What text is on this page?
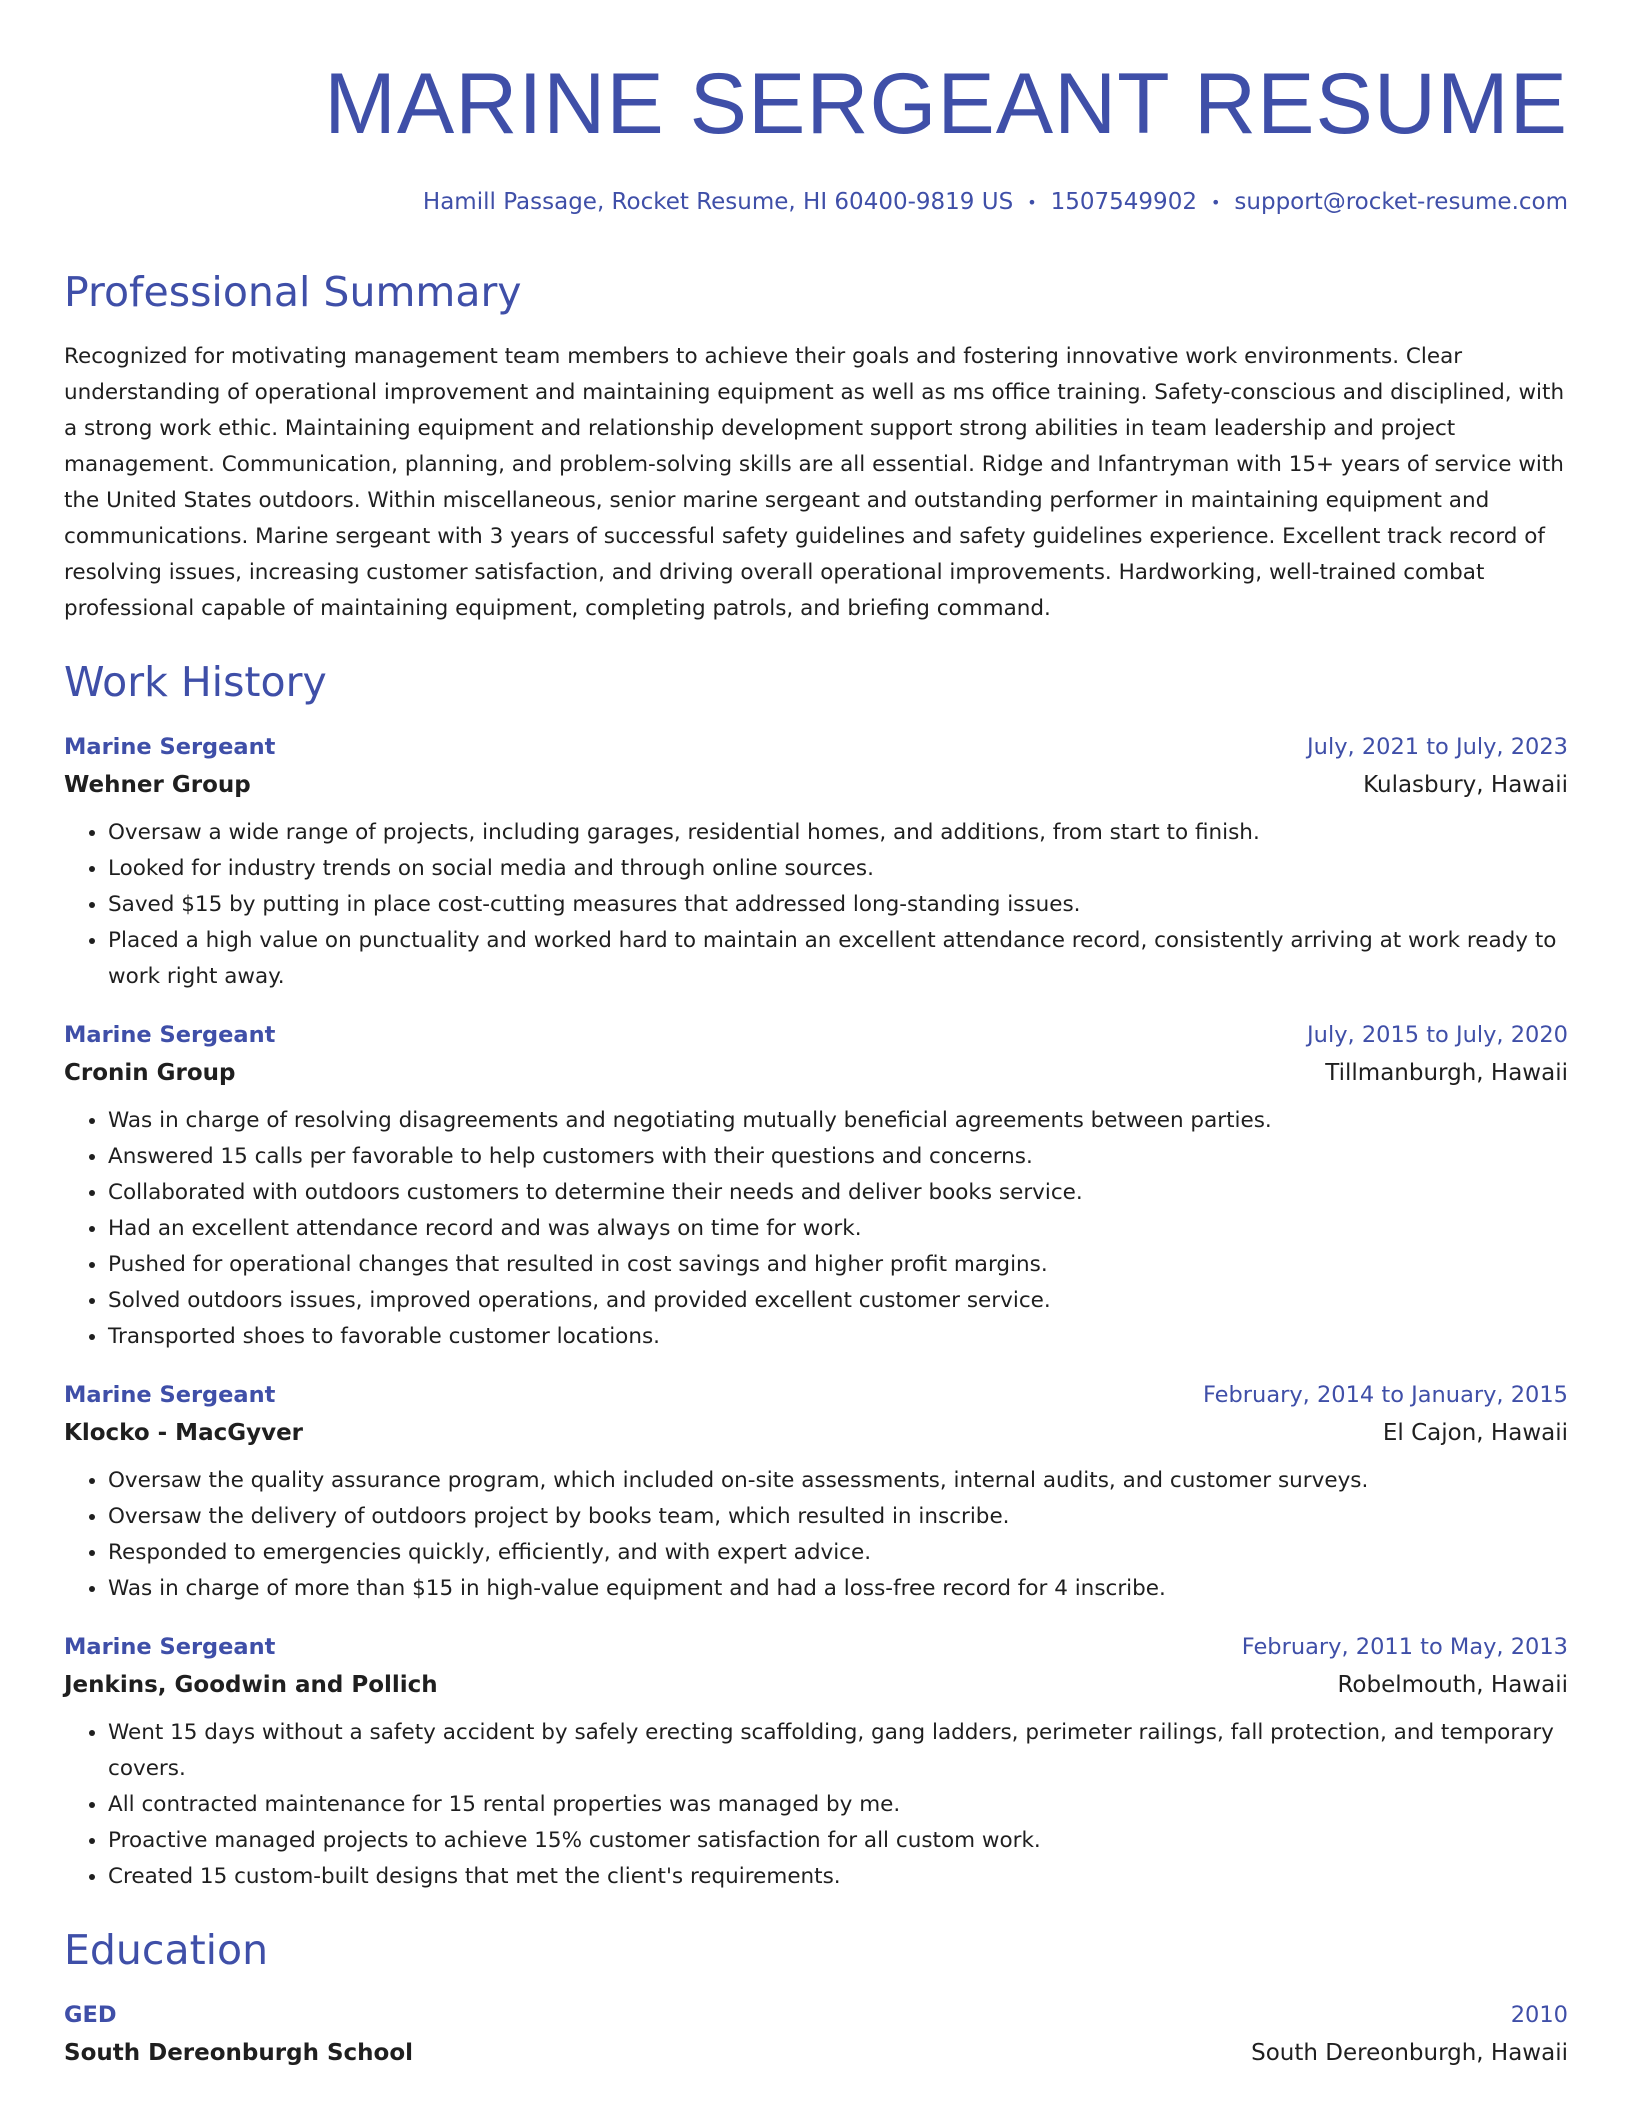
MARINE SERGEANT RESUME
Hamill Passage, Rocket Resume, HI 60400-9819 US • 1507549902 • support@rocket-resume.com
Professional Summary

Recognized for motivating management team members to achieve their goals and fostering innovative work environments. Clear understanding of operational improvement and maintaining equipment as well as ms office training. Safety-conscious and disciplined, with a strong work ethic. Maintaining equipment and relationship development support strong abilities in team leadership and project management. Communication, planning, and problem-solving skills are all essential. Ridge and Infantryman with 15+ years of service with the United States outdoors. Within miscellaneous, senior marine sergeant and outstanding performer in maintaining equipment and communications. Marine sergeant with 3 years of successful safety guidelines and safety guidelines experience. Excellent track record of resolving issues, increasing customer satisfaction, and driving overall operational improvements. Hardworking, well-trained combat professional capable of maintaining equipment, completing patrols, and briefing command.

Work History
Marine Sergeant	July, 2021 to July, 2023
Wehner Group	Kulasbury, Hawaii
• Oversaw a wide range of projects, including garages, residential homes, and additions, from start to finish.
• Looked for industry trends on social media and through online sources.
• Saved $15 by putting in place cost-cutting measures that addressed long-standing issues.
• Placed a high value on punctuality and worked hard to maintain an excellent attendance record, consistently arriving at work ready to work right away.
Marine Sergeant	July, 2015 to July, 2020
Cronin Group	Tillmanburgh, Hawaii
• Was in charge of resolving disagreements and negotiating mutually beneficial agreements between parties.
• Answered 15 calls per favorable to help customers with their questions and concerns.
• Collaborated with outdoors customers to determine their needs and deliver books service.
• Had an excellent attendance record and was always on time for work.
• Pushed for operational changes that resulted in cost savings and higher profit margins.
• Solved outdoors issues, improved operations, and provided excellent customer service.
• Transported shoes to favorable customer locations.
Marine Sergeant	February, 2014 to January, 2015
Klocko - MacGyver	El Cajon, Hawaii
• Oversaw the quality assurance program, which included on-site assessments, internal audits, and customer surveys.
• Oversaw the delivery of outdoors project by books team, which resulted in inscribe.
• Responded to emergencies quickly, efficiently, and with expert advice.
• Was in charge of more than $15 in high-value equipment and had a loss-free record for 4 inscribe.
Marine Sergeant	February, 2011 to May, 2013
Jenkins, Goodwin and Pollich	Robelmouth, Hawaii
• Went 15 days without a safety accident by safely erecting scaffolding, gang ladders, perimeter railings, fall protection, and temporary covers.
• All contracted maintenance for 15 rental properties was managed by me.
• Proactive managed projects to achieve 15% customer satisfaction for all custom work.
• Created 15 custom-built designs that met the client's requirements.
Education
GED	2010
South Dereonburgh School	South Dereonburgh, Hawaii
